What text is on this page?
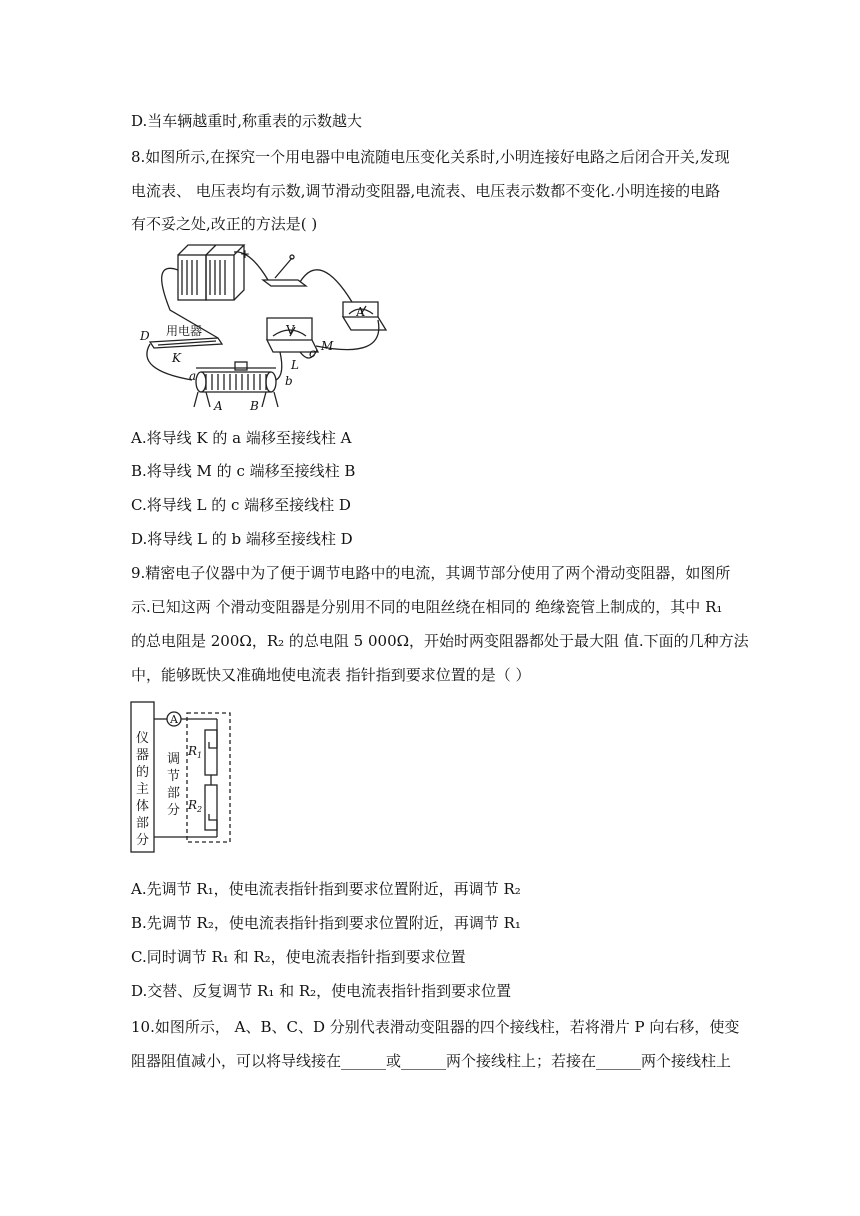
D.当车辆越重时,称重表的示数越大
8.如图所示,在探究一个用电器中电流随电压变化关系时,小明连接好电路之后闭合开关,发现
电流表、 电压表均有示数,调节滑动变阻器,电流表、电压表示数都不变化.小明连接的电路
有不妥之处,改正的方法是( )
+
V
A
用电器
D
K	L
M
a	b
c
A B
A.将导线 K 的 a 端移至接线柱 A
B.将导线 M 的 c 端移至接线柱 B
C.将导线 L 的 c 端移至接线柱 D
D.将导线 L 的 b 端移至接线柱 D
9.精密电子仪器中为了便于调节电路中的电流，其调节部分使用了两个滑动变阻器，如图所
示.已知这两 个滑动变阻器是分别用不同的电阻丝绕在相同的 绝缘瓷管上制成的，其中 R₁
的总电阻是 200Ω，R₂ 的总电阻 5 000Ω，开始时两变阻器都处于最大阻 值.下面的几种方法
中，能够既快又准确地使电流表 指针指到要求位置的是（ ）
A
$R_1$
$R_2$
仪
器
的
主
体
部
分
调
节
部
分
A.先调节 R₁，使电流表指针指到要求位置附近，再调节 R₂
B.先调节 R₂，使电流表指针指到要求位置附近，再调节 R₁
C.同时调节 R₁ 和 R₂，使电流表指针指到要求位置
D.交替、反复调节 R₁ 和 R₂，使电流表指针指到要求位置
10.如图所示， A、B、C、D 分别代表滑动变阻器的四个接线柱，若将滑片 P 向右移，使变
阻器阻值减小，可以将导线接在______或______两个接线柱上；若接在______两个接线柱上
